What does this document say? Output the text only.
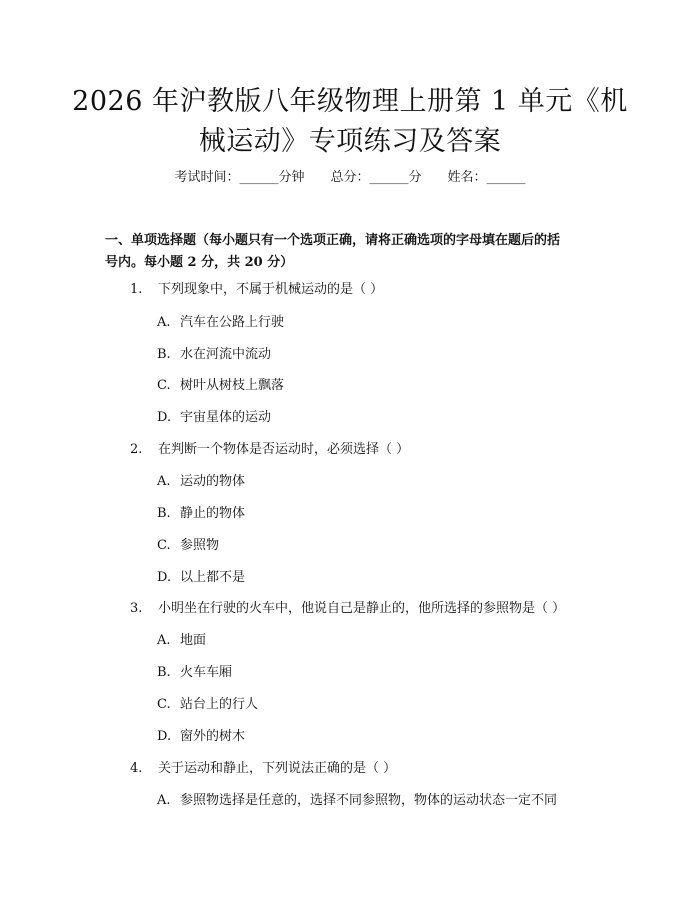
2026 年沪教版八年级物理上册第 1 单元《机
械运动》专项练习及答案
考试时间：______分钟 总分：______分 姓名：______
一、单项选择题（每小题只有一个选项正确，请将正确选项的字母填在题后的括
号内。每小题 2 分，共 20 分）
1. 下列现象中，不属于机械运动的是（ ）
A. 汽车在公路上行驶
B. 水在河流中流动
C. 树叶从树枝上飘落
D. 宇宙星体的运动
2. 在判断一个物体是否运动时，必须选择（ ）
A. 运动的物体
B. 静止的物体
C. 参照物
D. 以上都不是
3. 小明坐在行驶的火车中，他说自己是静止的，他所选择的参照物是（ ）
A. 地面
B. 火车车厢
C. 站台上的行人
D. 窗外的树木
4. 关于运动和静止，下列说法正确的是（ ）
A. 参照物选择是任意的，选择不同参照物，物体的运动状态一定不同
